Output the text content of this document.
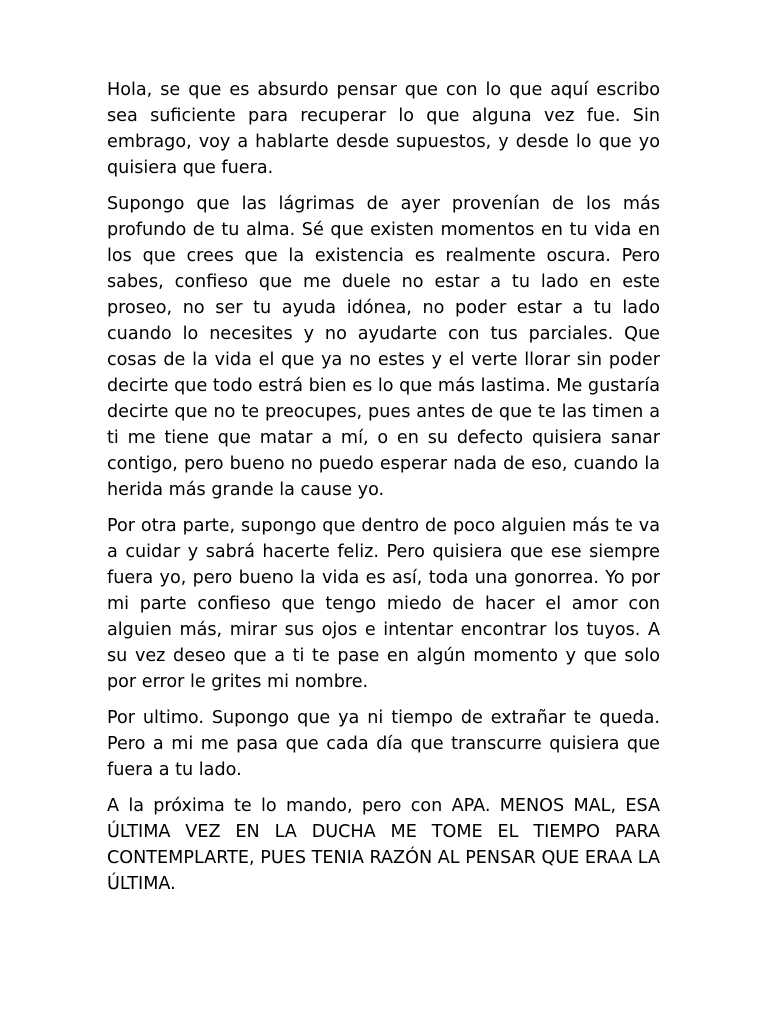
Hola, se que es absurdo pensar que con lo que aquí escribo sea suficiente para recuperar lo que alguna vez fue. Sin embrago, voy a hablarte desde supuestos, y desde lo que yo quisiera que fuera.

Supongo que las lágrimas de ayer provenían de los más profundo de tu alma. Sé que existen momentos en tu vida en los que crees que la existencia es realmente oscura. Pero sabes, confieso que me duele no estar a tu lado en este proseo, no ser tu ayuda idónea, no poder estar a tu lado cuando lo necesites y no ayudarte con tus parciales. Que cosas de la vida el que ya no estes y el verte llorar sin poder decirte que todo estrá bien es lo que más lastima. Me gustaría decirte que no te preocupes, pues antes de que te las timen a ti me tiene que matar a mí, o en su defecto quisiera sanar contigo, pero bueno no puedo esperar nada de eso, cuando la herida más grande la cause yo.

Por otra parte, supongo que dentro de poco alguien más te va a cuidar y sabrá hacerte feliz. Pero quisiera que ese siempre fuera yo, pero bueno la vida es así, toda una gonorrea. Yo por mi parte confieso que tengo miedo de hacer el amor con alguien más, mirar sus ojos e intentar encontrar los tuyos. A su vez deseo que a ti te pase en algún momento y que solo por error le grites mi nombre.

Por ultimo. Supongo que ya ni tiempo de extrañar te queda. Pero a mi me pasa que cada día que transcurre quisiera que fuera a tu lado.

A la próxima te lo mando, pero con APA. MENOS MAL, ESA ÚLTIMA VEZ EN LA DUCHA ME TOME EL TIEMPO PARA CONTEMPLARTE, PUES TENIA RAZÓN AL PENSAR QUE ERAA LA ÚLTIMA.
